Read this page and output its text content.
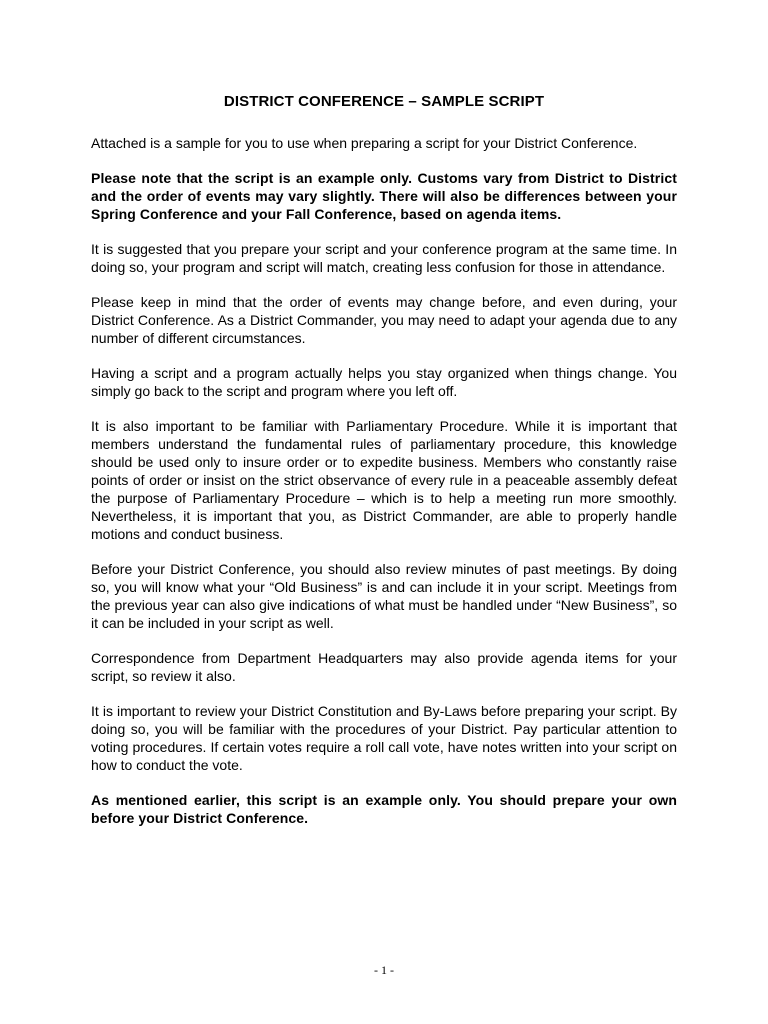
DISTRICT CONFERENCE – SAMPLE SCRIPT

Attached is a sample for you to use when preparing a script for your District Conference.

Please note that the script is an example only. Customs vary from District to District and the order of events may vary slightly. There will also be differences between your Spring Conference and your Fall Conference, based on agenda items.

It is suggested that you prepare your script and your conference program at the same time. In doing so, your program and script will match, creating less confusion for those in attendance.

Please keep in mind that the order of events may change before, and even during, your District Conference. As a District Commander, you may need to adapt your agenda due to any number of different circumstances.

Having a script and a program actually helps you stay organized when things change. You simply go back to the script and program where you left off.

It is also important to be familiar with Parliamentary Procedure. While it is important that members understand the fundamental rules of parliamentary procedure, this knowledge should be used only to insure order or to expedite business. Members who constantly raise points of order or insist on the strict observance of every rule in a peaceable assembly defeat the purpose of Parliamentary Procedure – which is to help a meeting run more smoothly. Nevertheless, it is important that you, as District Commander, are able to properly handle motions and conduct business.

Before your District Conference, you should also review minutes of past meetings. By doing so, you will know what your “Old Business” is and can include it in your script. Meetings from the previous year can also give indications of what must be handled under “New Business”, so it can be included in your script as well.

Correspondence from Department Headquarters may also provide agenda items for your script, so review it also.

It is important to review your District Constitution and By-Laws before preparing your script. By doing so, you will be familiar with the procedures of your District. Pay particular attention to voting procedures. If certain votes require a roll call vote, have notes written into your script on how to conduct the vote.

As mentioned earlier, this script is an example only. You should prepare your own before your District Conference.

- 1 -
